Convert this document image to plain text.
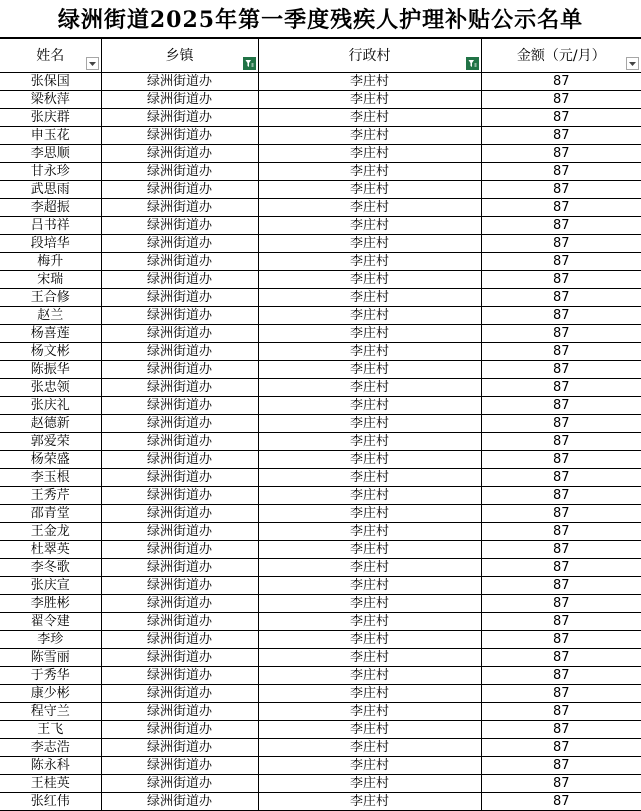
绿洲街道2025年第一季度残疾人护理补贴公示名单
姓名	乡镇	行政村	金额（元/月）

张保国	绿洲街道办	李庄村	87
梁秋萍	绿洲街道办	李庄村	87
张庆群	绿洲街道办	李庄村	87
申玉花	绿洲街道办	李庄村	87
李思顺	绿洲街道办	李庄村	87
甘永珍	绿洲街道办	李庄村	87
武思雨	绿洲街道办	李庄村	87
李超振	绿洲街道办	李庄村	87
吕书祥	绿洲街道办	李庄村	87
段培华	绿洲街道办	李庄村	87
梅升	绿洲街道办	李庄村	87
宋瑞	绿洲街道办	李庄村	87
王合修	绿洲街道办	李庄村	87
赵兰	绿洲街道办	李庄村	87
杨喜莲	绿洲街道办	李庄村	87
杨文彬	绿洲街道办	李庄村	87
陈振华	绿洲街道办	李庄村	87
张忠领	绿洲街道办	李庄村	87
张庆礼	绿洲街道办	李庄村	87
赵德新	绿洲街道办	李庄村	87
郭爱荣	绿洲街道办	李庄村	87
杨荣盛	绿洲街道办	李庄村	87
李玉根	绿洲街道办	李庄村	87
王秀芹	绿洲街道办	李庄村	87
邵青堂	绿洲街道办	李庄村	87
王金龙	绿洲街道办	李庄村	87
杜翠英	绿洲街道办	李庄村	87
李冬歌	绿洲街道办	李庄村	87
张庆宣	绿洲街道办	李庄村	87
李胜彬	绿洲街道办	李庄村	87
翟令建	绿洲街道办	李庄村	87
李珍	绿洲街道办	李庄村	87
陈雪丽	绿洲街道办	李庄村	87
于秀华	绿洲街道办	李庄村	87
康少彬	绿洲街道办	李庄村	87
程守兰	绿洲街道办	李庄村	87
王飞	绿洲街道办	李庄村	87
李志浩	绿洲街道办	李庄村	87
陈永科	绿洲街道办	李庄村	87
王桂英	绿洲街道办	李庄村	87
张红伟	绿洲街道办	李庄村	87
